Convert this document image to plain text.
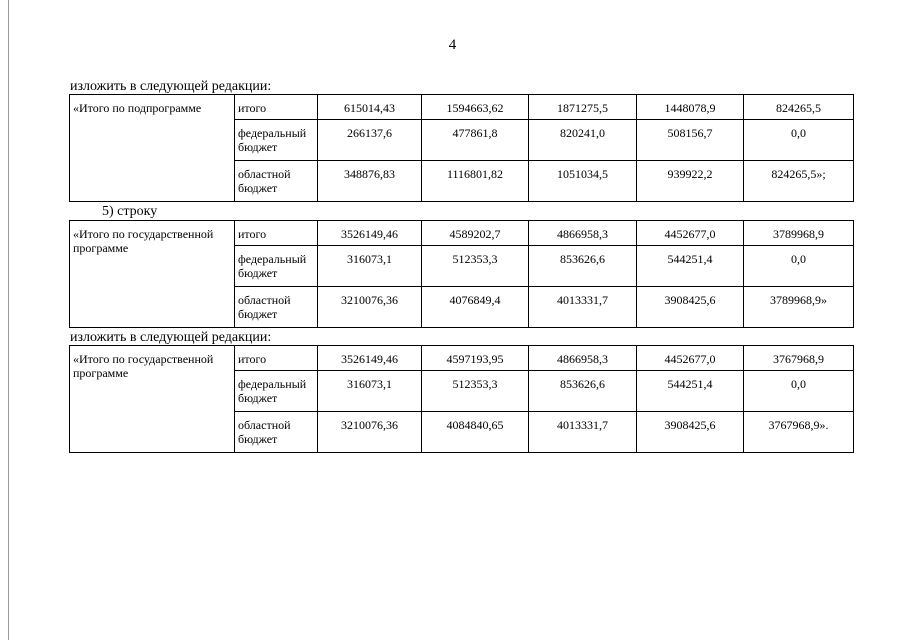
4
изложить в следующей редакции:
«Итого по подпрограмме	итого	615014,43	1594663,62	1871275,5	1448078,9	824265,5
	федеральный бюджет	266137,6	477861,8	820241,0	508156,7	0,0
	областной бюджет	348876,83	1116801,82	1051034,5	939922,2	824265,5»;
5) строку
«Итого по государственной программе	итого	3526149,46	4589202,7	4866958,3	4452677,0	3789968,9
	федеральный бюджет	316073,1	512353,3	853626,6	544251,4	0,0
	областной бюджет	3210076,36	4076849,4	4013331,7	3908425,6	3789968,9»
изложить в следующей редакции:
«Итого по государственной программе	итого	3526149,46	4597193,95	4866958,3	4452677,0	3767968,9
	федеральный бюджет	316073,1	512353,3	853626,6	544251,4	0,0
	областной бюджет	3210076,36	4084840,65	4013331,7	3908425,6	3767968,9».
